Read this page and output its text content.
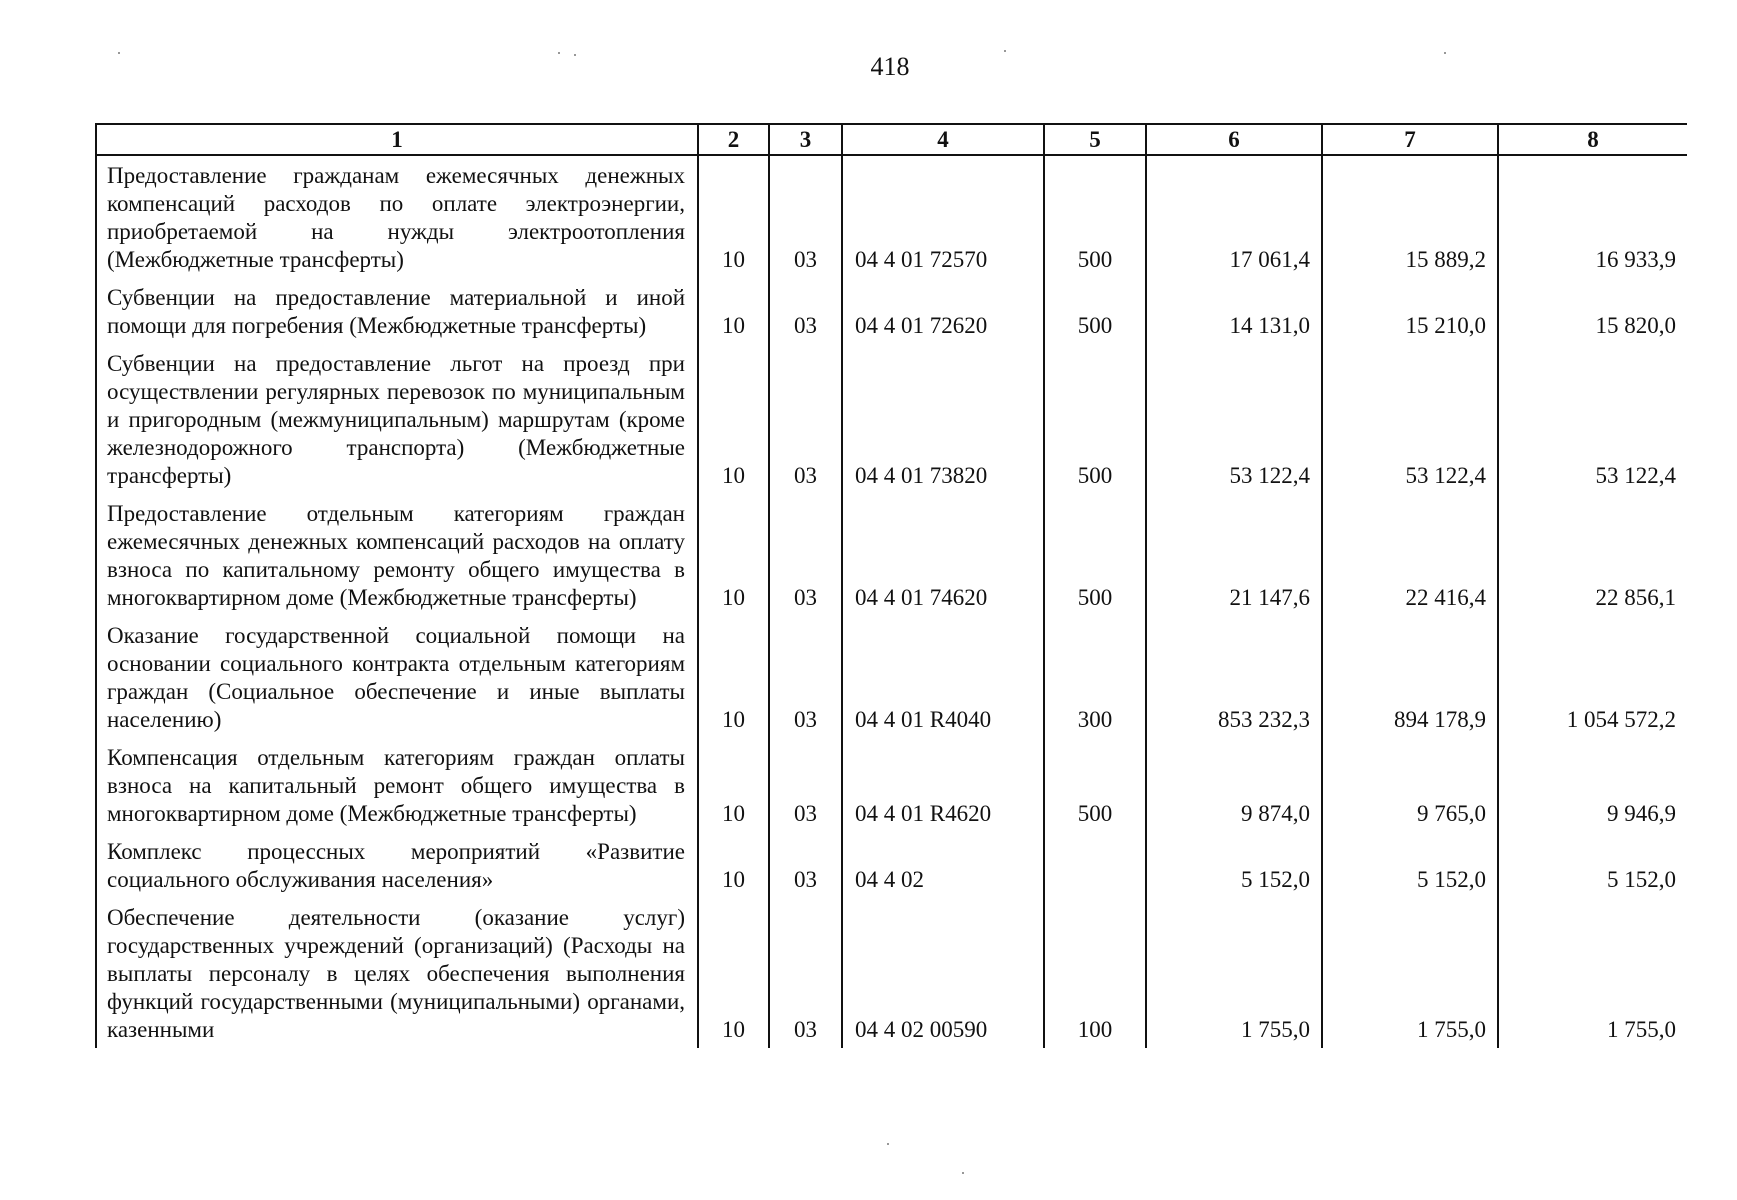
418
1	2	3	4	5	6	7	8
Предоставление гражданам ежемесячных денежных компенсаций расходов по оплате электроэнергии, приобретаемой на нужды электроотопления (Межбюджетные трансферты)	10	03	04 4 01 72570	500	17 061,4	15 889,2	16 933,9
Субвенции на предоставление материальной и иной помощи для погребения (Межбюджетные трансферты)	10	03	04 4 01 72620	500	14 131,0	15 210,0	15 820,0
Субвенции на предоставление льгот на проезд при осуществлении регулярных перевозок по муниципальным и пригородным (межмуниципальным) маршрутам (кроме железнодорожного транспорта) (Межбюджетные трансферты)	10	03	04 4 01 73820	500	53 122,4	53 122,4	53 122,4
Предоставление отдельным категориям граждан ежемесячных денежных компенсаций расходов на оплату взноса по капитальному ремонту общего имущества в многоквартирном доме (Межбюджетные трансферты)	10	03	04 4 01 74620	500	21 147,6	22 416,4	22 856,1
Оказание государственной социальной помощи на основании социального контракта отдельным категориям граждан (Социальное обеспечение и иные выплаты населению)	10	03	04 4 01 R4040	300	853 232,3	894 178,9	1 054 572,2
Компенсация отдельным категориям граждан оплаты взноса на капитальный ремонт общего имущества в многоквартирном доме (Межбюджетные трансферты)	10	03	04 4 01 R4620	500	9 874,0	9 765,0	9 946,9
Комплекс процессных мероприятий «Развитие социального обслуживания населения»	10	03	04 4 02		5 152,0	5 152,0	5 152,0
Обеспечение деятельности (оказание услуг) государственных учреждений (организаций) (Расходы на выплаты персоналу в целях обеспечения выполнения функций государственными (муниципальными) органами, казенными	10	03	04 4 02 00590	100	1 755,0	1 755,0	1 755,0
